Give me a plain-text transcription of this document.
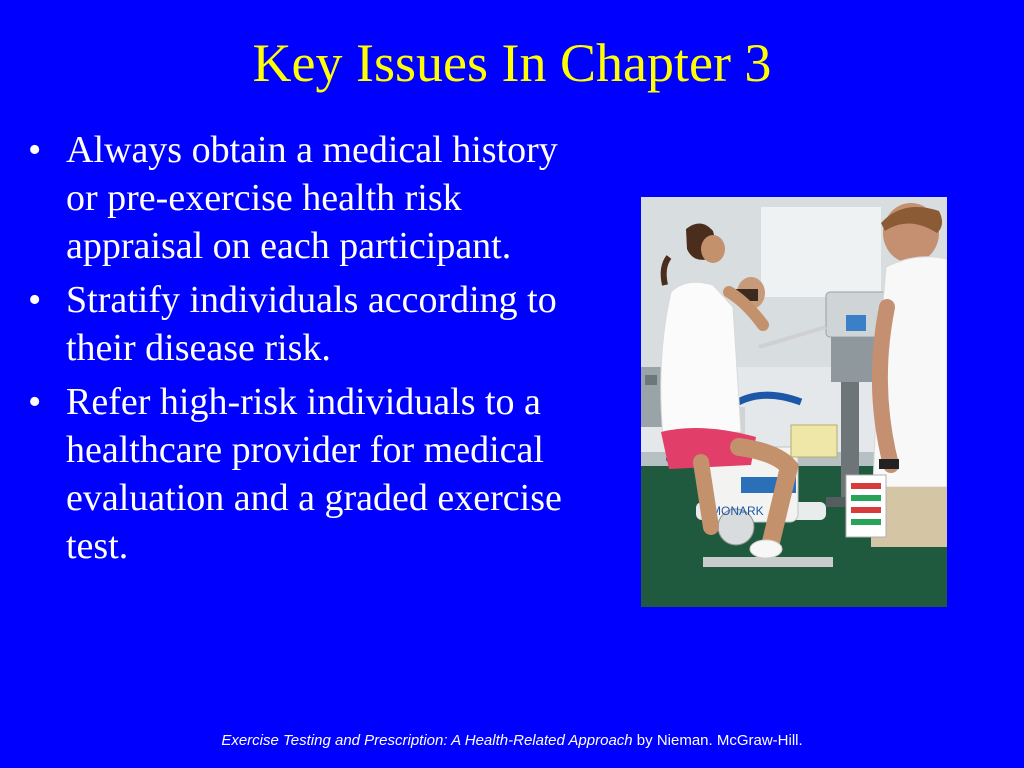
Key Issues In Chapter 3
• Always obtain a medical history or pre-exercise health risk appraisal on each participant.
• Stratify individuals according to their disease risk.
• Refer high-risk individuals to a healthcare provider for medical evaluation and a graded exercise test.
MONARK
Exercise Testing and Prescription: A Health-Related Approach by Nieman. McGraw-Hill.
